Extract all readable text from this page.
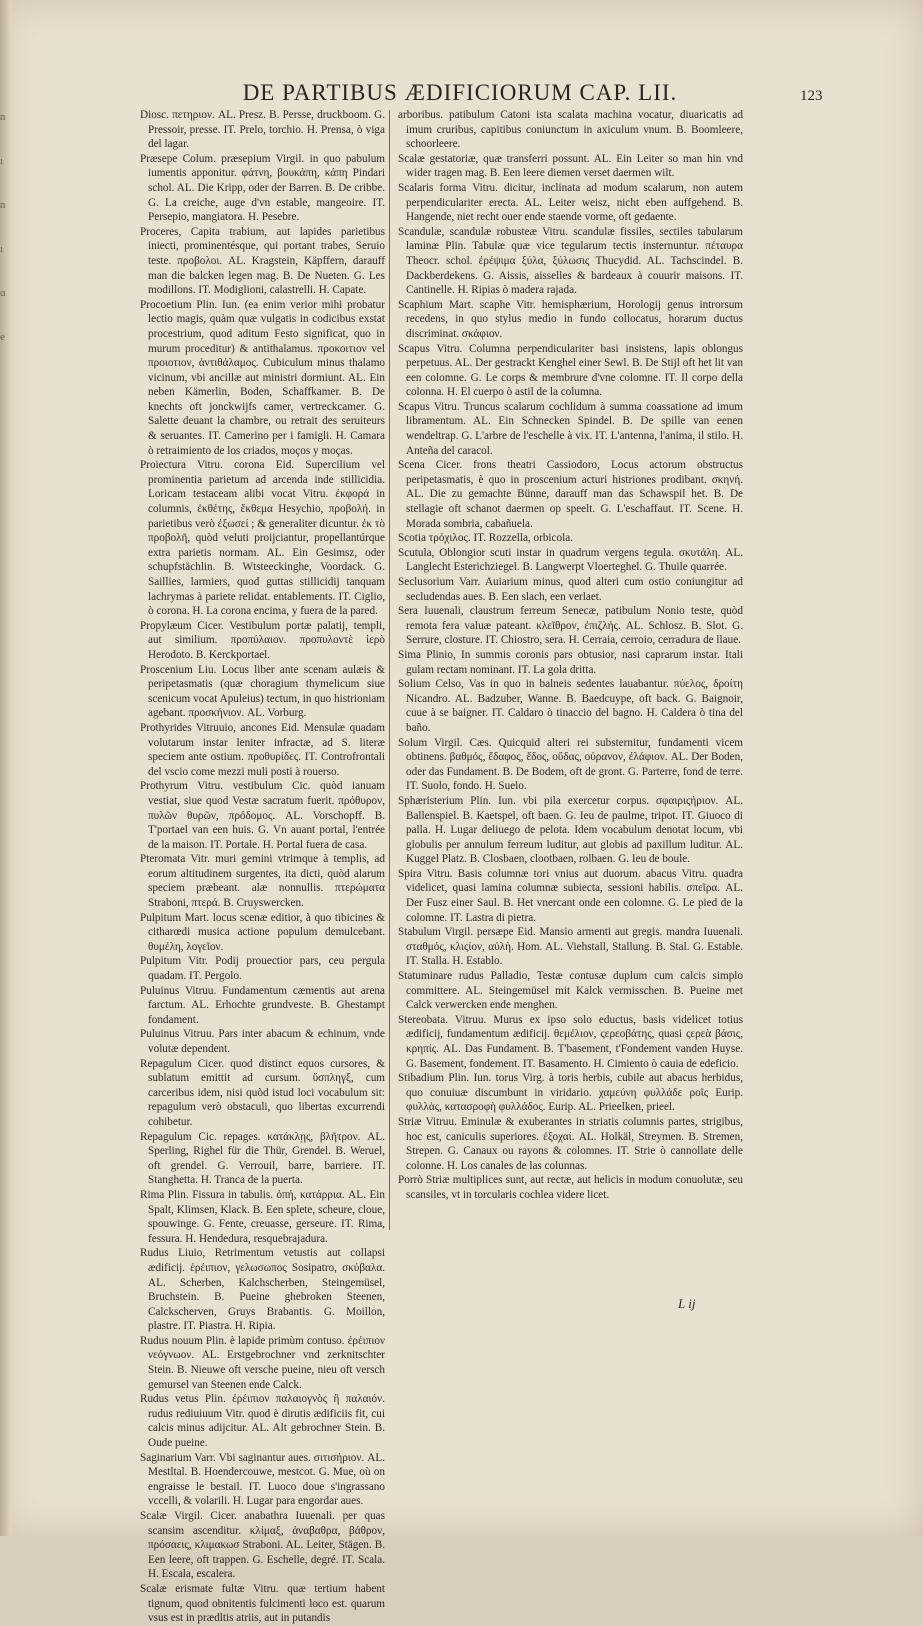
n
ı
n
ı
ɑ
e
DE PARTIBUS ÆDIFICIORUM CAP. LII.	123

Diosc. πετηριον. AL. Presz. B. Persse, druckboom. G. Pressoir, presse. IT. Prelo, torchio. H. Prensa, ò viga del lagar.

Præsepe Colum. præsepium Virgil. in quo pabulum iumentis apponitur. φάτνη, βουκάπη, κάπη Pindari schol. AL. Die Kripp, oder der Barren. B. De cribbe. G. La creiche, auge d'vn estable, mangeoire. IT. Persepio, mangiatora. H. Pesebre.

Proceres, Capita trabium, aut lapides parietibus iniecti, prominentésque, qui portant trabes, Seruio teste. προβολοι. AL. Kragstein, Käpffern, darauff man die balcken legen mag. B. De Nueten. G. Les modillons. IT. Modiglioni, calastrelli. H. Capate.

Procoetium Plin. Iun. (ea enim verior mihi probatur lectio magis, quàm quæ vulgatis in codicibus exstat procestrium, quod aditum Festo significat, quo in murum proceditur) & antithalamus. προκοιτιον vel προιοτιον, ἀντιθάλαμος. Cubiculum minus thalamo vicinum, vbi ancillæ aut ministri dormiunt. AL. Ein neben Kämerlin, Boden, Schaffkamer. B. De knechts oft jonckwijfs camer, vertreckcamer. G. Salette deuant la chambre, ou retrait des seruiteurs & seruantes. IT. Camerino per i famigli. H. Camara ò retraimiento de los criados, moços y moças.

Proiectura Vitru. corona Eid. Supercilium vel prominentia parietum ad arcenda inde stillicidia. Loricam testaceam alibi vocat Vitru. ἐκφορά in columnis, ἐκθέτης, ἔκθεμα Hesychio, προβολή. in parietibus verò ἐξωσεί ; & generaliter dicuntur. ἐκ τὸ προβολῆ, quòd veluti proijciantur, propellantúrque extra parietis normam. AL. Ein Gesimsz, oder schupfstächlin. B. Wtsteeckinghe, Voordack. G. Saillies, larmiers, quod guttas stillicidij tanquam lachrymas à pariete relidat. entablements. IT. Ciglio, ò corona. H. La corona encima, y fuera de la pared.

Propylæum Cicer. Vestibulum portæ palatij, templi, aut similium. προπύλαιον. προπυλοντὲ ἱερὸ Herodoto. B. Kerckportael.

Proscenium Liu. Locus liber ante scenam aulæis & peripetasmatis (quæ choragium thymelicum siue scenicum vocat Apuleius) tectum, in quo histrioniam agebant. προσκήνιον. AL. Vorburg.

Prothyrides Vitruuio, ancones Eid. Mensulæ quadam volutarum instar leniter infractæ, ad S. literæ speciem ante ostium. προθυρίδες. IT. Controfrontali del vscio come mezzi muli posti à rouerso.

Prothyrum Vitru. vestibulum Cic. quòd ianuam vestiat, siue quod Vestæ sacratum fuerit. πρόθυρον, πυλῶν θυρῶν, πρόδομος. AL. Vorschopff. B. T'portael van een huis. G. Vn auant portal, l'entrée de la maison. IT. Portale. H. Portal fuera de casa.

Pteromata Vitr. muri gemini vtrimque à templis, ad eorum altitudinem surgentes, ita dicti, quòd alarum speciem præbeant. alæ nonnullis. πτερώματα Straboni, πτερά. B. Cruyswercken.

Pulpitum Mart. locus scenæ editior, à quo tibicines & citharœdi musica actione populum demulcebant. θυμέλη, λογεῖον.

Pulpitum Vitr. Podij prouectior pars, ceu pergula quadam. IT. Pergolo.

Puluinus Vitruu. Fundamentum cæmentis aut arena farctum. AL. Erhochte grundveste. B. Ghestampt fondament.

Puluinus Vitruu. Pars inter abacum & echinum, vnde volutæ dependent.

Repagulum Cicer. quod distinct equos cursores, & sublatum emittit ad cursum. ὕσπληγξ, cum carceribus idem, nisi quòd istud loci vocabulum sit: repagulum verò obstaculi, quo libertas excurrendi cohibetur.

Repagulum Cic. repages. κατάκλῃς, βλῆτρον. AL. Sperling, Righel für die Thür, Grendel. B. Weruel, oft grendel. G. Verrouil, barre, barriere. IT. Stanghetta. H. Tranca de la puerta.

Rima Plin. Fissura in tabulis. ὀπή, κατάρρια. AL. Ein Spalt, Klimsen, Klack. B. Een splete, scheure, cloue, spouwinge. G. Fente, creuasse, gerseure. IT. Rima, fessura. H. Hendedura, resquebrajadura.

Rudus Liuio, Retrimentum vetustis aut collapsi ædificij. ἐρέιπιον, γελωσωπος Sosipatro, σκύβαλα. AL. Scherben, Kalchscherben, Steingemüsel, Bruchstein. B. Pueine ghebroken Steenen, Calckscherven, Gruys Brabantis. G. Moillon, plastre. IT. Piastra. H. Ripia.

Rudus nouum Plin. è lapide primùm contuso. ἐρέιπιον νεόγνωον. AL. Erstgebrochner vnd zerknitschter Stein. B. Nieuwe oft versche pueine, nieu oft versch gemursel van Steenen ende Calck.

Rudus vetus Plin. ἐρέιπιον παλαιογνὸς ἢ παλαιόν. rudus rediuiuum Vitr. quod è dirutis ædificiis fit, cui calcis minus adijcitur. AL. Alt gebrochner Stein. B. Oude pueine.

Saginarium Varr. Vbi saginantur aues. σιτισήριον. AL. Mestltal. B. Hoendercouwe, mestcot. G. Mue, où on engraisse le bestail. IT. Luoco doue s'ingrassano vccelli, & volarili. H. Lugar para engordar aues.

Scalæ Virgil. Cicer. anabathra Iuuenali. per quas scansim ascenditur. κλίμαξ, ἀναβαθρα, βάθρον, πρόσαεις, κλιμακωσ Straboni. AL. Leiter, Stägen. B. Een leere, oft trappen. G. Eschelle, degré. IT. Scala. H. Escala, escalera.

Scalæ erismate fultæ Vitru. quæ tertium habent tignum, quod obnitentis fulcimenti loco est. quarum vsus est in prædltis atriis, aut in putandis

arboribus. patibulum Catoni ista scalata machina vocatur, diuaricatis ad imum cruribus, capitibus coniunctum in axiculum vnum. B. Boomleere, schoorleere.

Scalæ gestatoriæ, quæ transferri possunt. AL. Ein Leiter so man hin vnd wider tragen mag. B. Een leere diemen verset daermen wilt.

Scalaris forma Vitru. dicitur, inclinata ad modum scalarum, non autem perpendiculariter erecta. AL. Leiter weisz, nicht eben auffgehend. B. Hangende, niet recht ouer ende staende vorme, oft gedaente.

Scandulæ, scandulæ robusteæ Vitru. scandulæ fissiles, sectiles tabularum laminæ Plin. Tabulæ quæ vice tegularum tectis insternuntur. πέταυρα Theocr. schol. ἐρέψιμα ξύλα, ξύλωσις Thucydid. AL. Tachscindel. B. Dackberdekens. G. Aissis, aissellеs & bardeaux à couurir maisons. IT. Cantinelle. H. Ripias ò madera rajada.

Scaphium Mart. scaphe Vitr. hemisphærium, Horologij genus introrsum recedens, in quo stylus medio in fundo collocatus, horarum ductus discriminat. σκάφιον.

Scapus Vitru. Columna perpendiculariter basi insistens, lapis oblongus perpetuus. AL. Der gestrackt Kenghel einer Sewl. B. De Stijl oft het lit van een colomne. G. Le corps & membrure d'vne colomne. IT. Il corpo della colonna. H. El cuerpo ò astil de la columna.

Scapus Vitru. Truncus scalarum cochlidum à summa coassatione ad imum libramentum. AL. Ein Schnecken Spindel. B. De spille van eenen wendeltrap. G. L'arbre de l'eschelle à vix. IT. L'antenna, l'anima, il stilo. H. Anteña del caracol.

Scena Cicer. frons theatri Cassiodoro, Locus actorum obstructus peripetasmatis, è quo in proscenium acturi histriones prodibant. σκηνή. AL. Die zu gemachte Bünne, darauff man das Schawspil het. B. De stellagie oft schanot daermen op speelt. G. L'eschaffaut. IT. Scene. H. Morada sombria, cabañuela.

Scotia τρόχιλος. IT. Rozzella, orbicola.

Scutula, Oblongior scuti instar in quadrum vergens tegula. σκυτάλη. AL. Langlecht Esterichziegel. B. Langwerpt Vloerteghel. G. Thuile quarrée.

Seclusorium Varr. Auiarium minus, quod alteri cum ostio coniungitur ad secludendas aues. B. Een slach, een verlaet.

Sera Iuuenali, claustrum ferreum Senecæ, patibulum Nonio teste, quòd remota fera valuæ pateant. κλεῖθρον, ἐπιζλής. AL. Schlosz. B. Slot. G. Serrure, closture. IT. Chiostro, sera. H. Cerraia, cerroio, cerradura de llaue.

Sima Plinio, In summis coronis pars obtusior, nasi caprarum instar. Itali gulam rectam nominant. IT. La gola dritta.

Solium Celso, Vas in quo in balneis sedentes lauabantur. πύελος, δροίτη Nicandro. AL. Badzuber, Wanne. B. Baedcuype, oft back. G. Baignoir, cuue à se baigner. IT. Caldaro ò tinaccio del bagno. H. Caldera ò tina del baño.

Solum Virgil. Cæs. Quicquid alteri rei substernitur, fundamenti vicem obtinens. βαθμός, ἕδαφος, ἕδος, οὔδας, οὐρανον, ἐλάφιον. AL. Der Boden, oder das Fundament. B. De Bodem, oft de gront. G. Parterre, fond de terre. IT. Suolo, fondo. H. Suelo.

Sphæristerium Plin. Iun. vbi pila exercetur corpus. σφαιριςήριον. AL. Ballenspiel. B. Kaetspel, oft baen. G. Ieu de paulme, tripot. IT. Giuoco di palla. H. Lugar deliuego de pelota. Idem vocabulum denotat locum, vbi globulis per annulum ferreum luditur, aut globis ad paxillum luditur. AL. Kuggel Platz. B. Closbaen, clootbaen, rolbaen. G. Ieu de boule.

Spira Vitru. Basis columnæ tori vnius aut duorum. abacus Vitru. quadra videlicet, quasi lamina columnæ subiecta, sessioni habilis. σπεῖρα. AL. Der Fusz einer Saul. B. Het vnercant onde een colomne. G. Le pied de la colomne. IT. Lastra di pietra.

Stabulum Virgil. persæpe Eid. Mansio armenti aut gregis. mandra Iuuenali. σταθμός, κλιςίον, αὐλὴ. Hom. AL. Viehstall, Stallung. B. Stal. G. Estable. IT. Stalla. H. Establo.

Statuminare rudus Palladio, Testæ contusæ duplum cum calcis simplo committere. AL. Steingemüsel mit Kalck vermisschen. B. Pueine met Calck verwercken ende menghen.

Stereobata. Vitruu. Murus ex ipso solo eductus, basis videlicet totius ædificij, fundamentum ædificij. θεμέλιον, ςερεοβάτης, quasi ςερεὰ βάσις, κρηπίς. AL. Das Fundament. B. T'basement, t'Fondement vanden Huyse. G. Basement, fondement. IT. Basamento. H. Cimiento ò cauia de edeficio.

Stibadium Plin. Iun. torus Virg. à toris herbis, cubile aut abacus herbidus, quo conuiuæ discumbunt in viridario. χαμεύνη φυλλάδε ροῖς Eurip. φυλλὰς, κατασροφὴ φυλλάδος. Eurip. AL. Prieelken, prieel.

Striæ Vitruu. Eminulæ & exuberantes in striatis columnis partes, strigibus, hoc est, caniculis superiores. ἐξοχαί. AL. Holkäl, Streymen. B. Stremen, Strepen. G. Canaux ou rayons & colomnes. IT. Strie ò cannollate delle colonne. H. Los canales de las colunnas.

Porrò Striæ multiplices sunt, aut rectæ, aut helicis in modum conuolutæ, seu scansiles, vt in torcularis cochlea videre licet.

L ij
